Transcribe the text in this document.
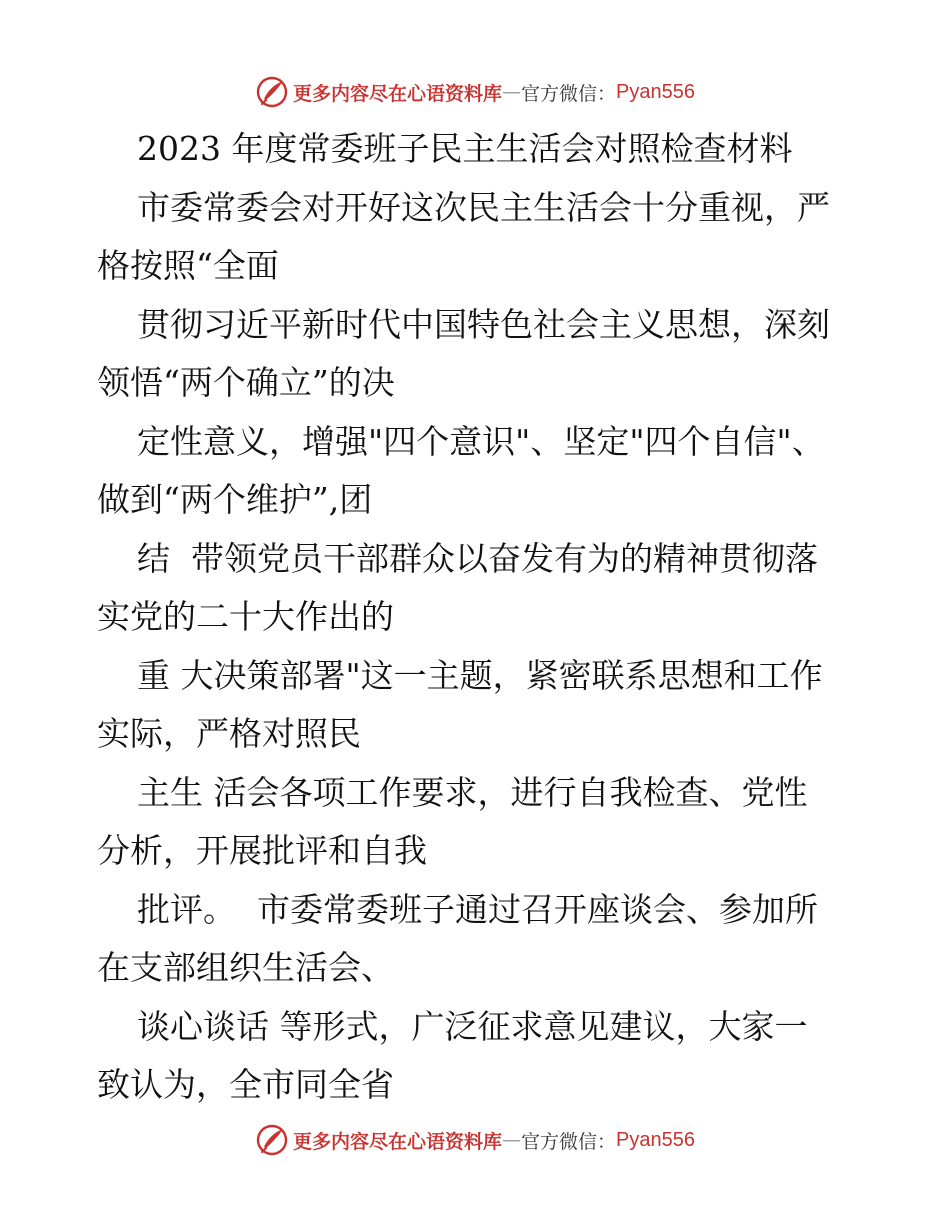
更多内容尽在心语资料库 — 官方微信： Pyan556
2023 年度常委班子民主生活会对照检查材料
市委常委会对开好这次民主生活会十分重视，严
格按照“全面
贯彻习近平新时代中国特色社会主义思想，深刻
领悟“两个确立”的决
定性意义，增强"四个意识"、坚定"四个自信"、
做到“两个维护”,团
结  带领党员干部群众以奋发有为的精神贯彻落
实党的二十大作出的
重 大决策部署"这一主题，紧密联系思想和工作
实际，严格对照民
主生 活会各项工作要求，进行自我检查、党性
分析，开展批评和自我
批评。  市委常委班子通过召开座谈会、参加所
在支部组织生活会、
谈心谈话 等形式，广泛征求意见建议，大家一
致认为，全市同全省
更多内容尽在心语资料库 — 官方微信： Pyan556
